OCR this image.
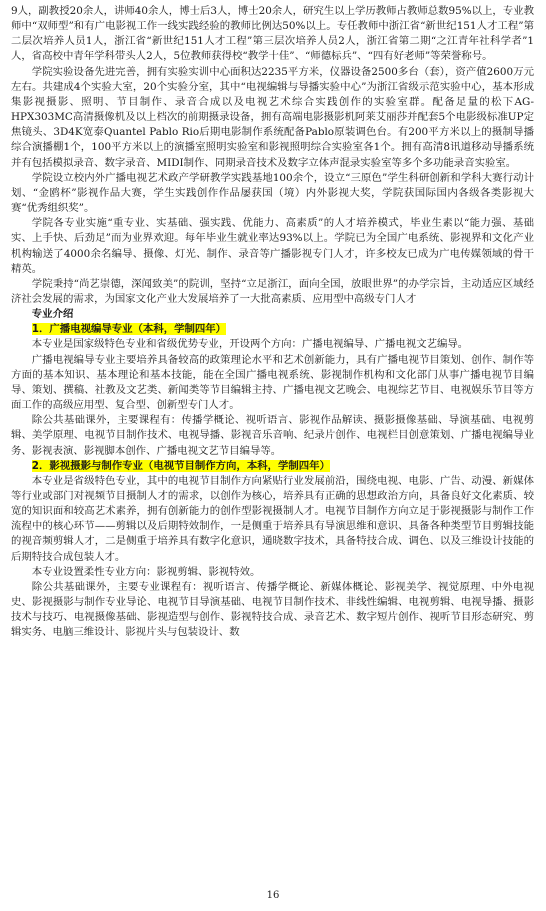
9人，副教授20余人，讲师40余人，博士后3人，博士20余人，研究生以上学历教师占教师总数95%以上，专业教师中“双师型”和有广电影视工作一线实践经验的教师比例达50%以上。专任教师中浙江省“新世纪151人才工程”第二层次培养人员1人，浙江省“新世纪151人才工程”第三层次培养人员2人，浙江省第二期“之江青年社科学者”1人，省高校中青年学科带头人2人，5位教师获得校“教学十佳”、“师德标兵”、“四有好老师”等荣誉称号。

学院实验设备先进完善，拥有实验实训中心面积达2235平方米，仪器设备2500多台（套），资产值2600万元左右。共建成4个实验大室，20个实验分室，其中“电视编辑与导播实验中心”为浙江省级示范实验中心，基本形成集影视摄影、照明、节目制作、录音合成以及电视艺术综合实践创作的实验室群。配备足量的松下AG-HPX303MC高清摄像机及以上档次的前期摄录设备，拥有高端电影摄影机阿莱艾丽莎并配套5个电影级标准UP定焦镜头、3D4K宽泰Quantel Pablo Rio后期电影制作系统配备Pablo原装调色台。有200平方米以上的摄制导播综合演播棚1个，100平方米以上的演播室照明实验室和影视照明综合实验室各1个。拥有高清8讯道移动导播系统并有包括模拟录音、数字录音、MIDI制作、同期录音技术及数字立体声混录实验室等多个多功能录音实验室。

学院设立校内外广播电视艺术政产学研教学实践基地100余个，设立“三原色”学生科研创新和学科大赛行动计划、“金鸥杯”影视作品大赛，学生实践创作作品屡获国（境）内外影视大奖，学院获国际国内各级各类影视大赛“优秀组织奖”。

学院各专业实施“重专业、实基础、强实践、优能力、高素质”的人才培养模式，毕业生素以“能力强、基础实、上手快、后劲足”而为业界欢迎。每年毕业生就业率达93%以上。学院已为全国广电系统、影视界和文化产业机构输送了4000余名编导、摄像、灯光、制作、录音等广播影视专门人才，许多校友已成为广电传媒领域的骨干精英。

学院秉持“尚艺崇德，深闻致美”的院训，坚持“立足浙江，面向全国，放眼世界”的办学宗旨，主动适应区域经济社会发展的需求，为国家文化产业大发展培养了一大批高素质、应用型中高级专门人才

专业介绍

1．广播电视编导专业（本科，学制四年）

本专业是国家级特色专业和省级优势专业，开设两个方向：广播电视编导、广播电视文艺编导。

广播电视编导专业主要培养具备较高的政策理论水平和艺术创新能力，具有广播电视节目策划、创作、制作等方面的基本知识、基本理论和基本技能，能在全国广播电视系统、影视制作机构和文化部门从事广播电视节目编导、策划、撰稿、社教及文艺类、新闻类等节目编辑主持、广播电视文艺晚会、电视综艺节目、电视娱乐节目等方面工作的高级应用型、复合型、创新型专门人才。

除公共基础课外，主要课程有：传播学概论、视听语言、影视作品解读、摄影摄像基础、导演基础、电视剪辑、美学原理、电视节目制作技术、电视导播、影视音乐音响、纪录片创作、电视栏目创意策划、广播电视编导业务、影视表演、影视脚本创作、广播电视文艺节目编导等。

2．影视摄影与制作专业（电视节目制作方向，本科，学制四年）

本专业是省级特色专业，其中的电视节目制作方向紧贴行业发展前沿，围绕电视、电影、广告、动漫、新媒体等行业或部门对视频节目摄制人才的需求，以创作为核心，培养具有正确的思想政治方向，具备良好文化素质、较宽的知识面和较高艺术素养，拥有创新能力的创作型影视摄制人才。电视节目制作方向立足于影视摄影与制作工作流程中的核心环节——剪辑以及后期特效制作，一是侧重于培养具有导演思维和意识、具备各种类型节目剪辑技能的视音频剪辑人才，二是侧重于培养具有数字化意识，通晓数字技术，具备特技合成、调色、以及三维设计技能的后期特技合成包装人才。

本专业设置柔性专业方向：影视剪辑、影视特效。

除公共基础课外，主要专业课程有：视听语言、传播学概论、新媒体概论、影视美学、视觉原理、中外电视史、影视摄影与制作专业导论、电视节目导演基础、电视节目制作技术、非线性编辑、电视剪辑、电视导播、摄影技术与技巧、电视摄像基础、影视造型与创作、影视特技合成、录音艺术、数字短片创作、视听节目形态研究、剪辑实务、电脑三维设计、影视片头与包装设计、数

16
